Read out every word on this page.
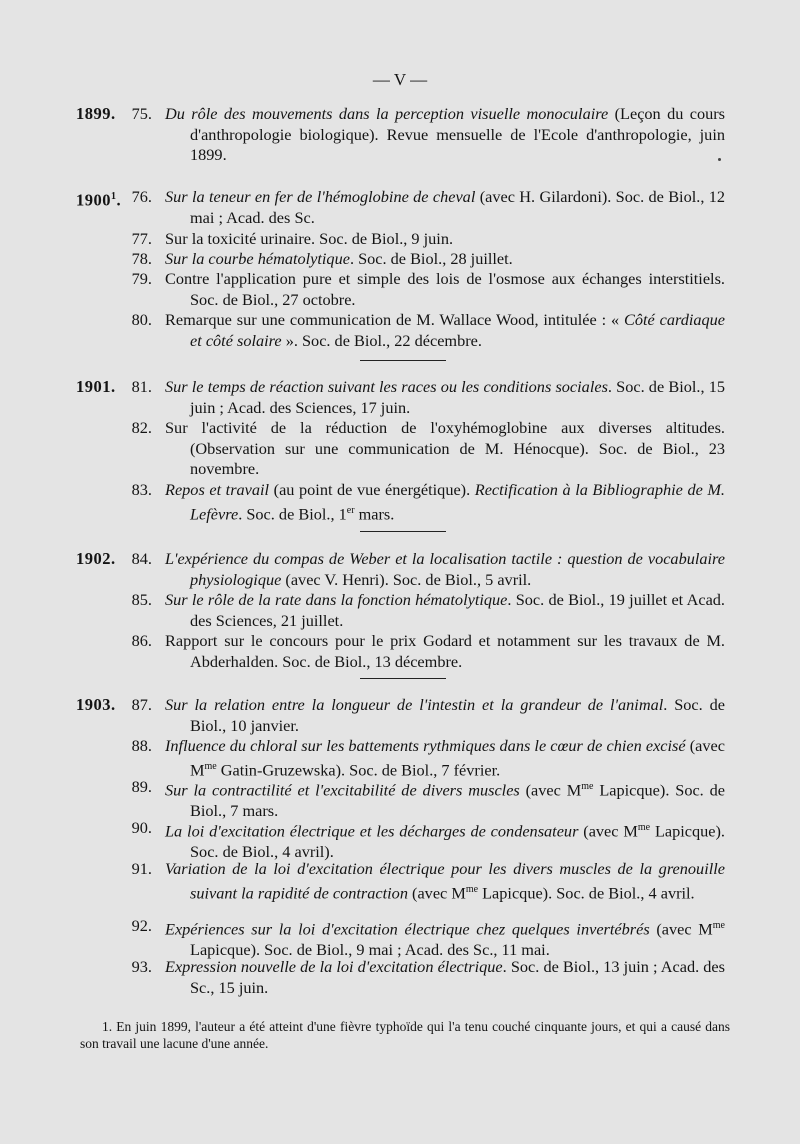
— V —
1899. 75. Du rôle des mouvements dans la perception visuelle monoculaire (Leçon du cours d'anthropologie biologique). Revue mensuelle de l'Ecole d'anthropologie, juin 1899.
1900$^1$. 76. Sur la teneur en fer de l'hémoglobine de cheval (avec H. Gilardoni). Soc. de Biol., 12 mai ; Acad. des Sc.
77. Sur la toxicité urinaire. Soc. de Biol., 9 juin.
78. Sur la courbe hématolytique. Soc. de Biol., 28 juillet.
79. Contre l'application pure et simple des lois de l'osmose aux échanges interstitiels. Soc. de Biol., 27 octobre.
80. Remarque sur une communication de M. Wallace Wood, intitulée : « Côté cardiaque et côté solaire ». Soc. de Biol., 22 décembre.
1901. 81. Sur le temps de réaction suivant les races ou les conditions sociales. Soc. de Biol., 15 juin ; Acad. des Sciences, 17 juin.
82. Sur l'activité de la réduction de l'oxyhémoglobine aux diverses altitudes. (Observation sur une communication de M. Hénocque). Soc. de Biol., 23 novembre.
83. Repos et travail (au point de vue énergétique). Rectification à la Bibliographie de M. Lefèvre. Soc. de Biol., 1er mars.
1902. 84. L'expérience du compas de Weber et la localisation tactile : question de vocabulaire physiologique (avec V. Henri). Soc. de Biol., 5 avril.
85. Sur le rôle de la rate dans la fonction hématolytique. Soc. de Biol., 19 juillet et Acad. des Sciences, 21 juillet.
86. Rapport sur le concours pour le prix Godard et notamment sur les travaux de M. Abderhalden. Soc. de Biol., 13 décembre.
1903. 87. Sur la relation entre la longueur de l'intestin et la grandeur de l'animal. Soc. de Biol., 10 janvier.
88. Influence du chloral sur les battements rythmiques dans le cœur de chien excisé (avec $M^{me}$ Gatin-Gruzewska). Soc. de Biol., 7 février.
89. Sur la contractilité et l'excitabilité de divers muscles (avec $M^{me}$ Lapicque). Soc. de Biol., 7 mars.
90. La loi d'excitation électrique et les décharges de condensateur (avec $M^{me}$ Lapicque). Soc. de Biol., 4 avril).
91. Variation de la loi d'excitation électrique pour les divers muscles de la grenouille suivant la rapidité de contraction (avec $M^{me}$ Lapicque). Soc. de Biol., 4 avril.
92. Expériences sur la loi d'excitation électrique chez quelques invertébrés (avec $M^{me}$ Lapicque). Soc. de Biol., 9 mai ; Acad. des Sc., 11 mai.
93. Expression nouvelle de la loi d'excitation électrique. Soc. de Biol., 13 juin ; Acad. des Sc., 15 juin.
1. En juin 1899, l'auteur a été atteint d'une fièvre typhoïde qui l'a tenu couché cinquante jours, et qui a causé dans son travail une lacune d'une année.
